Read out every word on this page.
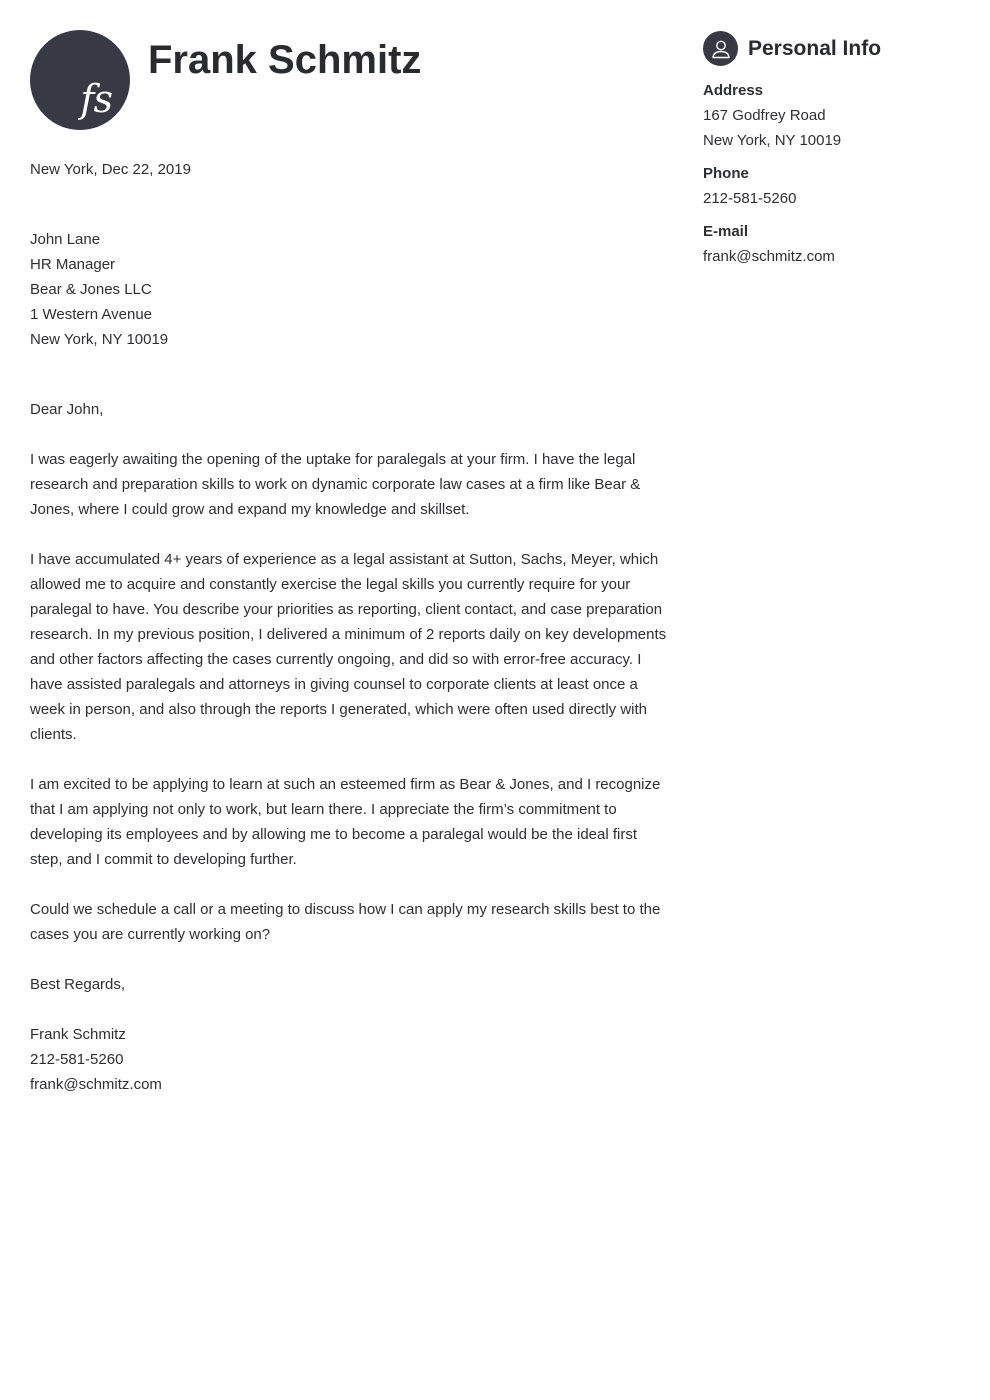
fs
Frank Schmitz

New York, Dec 22, 2019

John Lane
HR Manager
Bear & Jones LLC
1 Western Avenue
New York, NY 10019

Dear John,

I was eagerly awaiting the opening of the uptake for paralegals at your firm. I have the legal research and preparation skills to work on dynamic corporate law cases at a firm like Bear & Jones, where I could grow and expand my knowledge and skillset.

I have accumulated 4+ years of experience as a legal assistant at Sutton, Sachs, Meyer, which allowed me to acquire and constantly exercise the legal skills you currently require for your paralegal to have. You describe your priorities as reporting, client contact, and case preparation research. In my previous position, I delivered a minimum of 2 reports daily on key developments and other factors affecting the cases currently ongoing, and did so with error-free accuracy. I have assisted paralegals and attorneys in giving counsel to corporate clients at least once a week in person, and also through the reports I generated, which were often used directly with clients.

I am excited to be applying to learn at such an esteemed firm as Bear & Jones, and I recognize that I am applying not only to work, but learn there. I appreciate the firm’s commitment to developing its employees and by allowing me to become a paralegal would be the ideal first step, and I commit to developing further.

Could we schedule a call or a meeting to discuss how I can apply my research skills best to the cases you are currently working on?

Best Regards,

Frank Schmitz
212-581-5260
frank@schmitz.com
Personal Info
Address
167 Godfrey Road
New York, NY 10019
Phone
212-581-5260
E-mail
frank@schmitz.com
